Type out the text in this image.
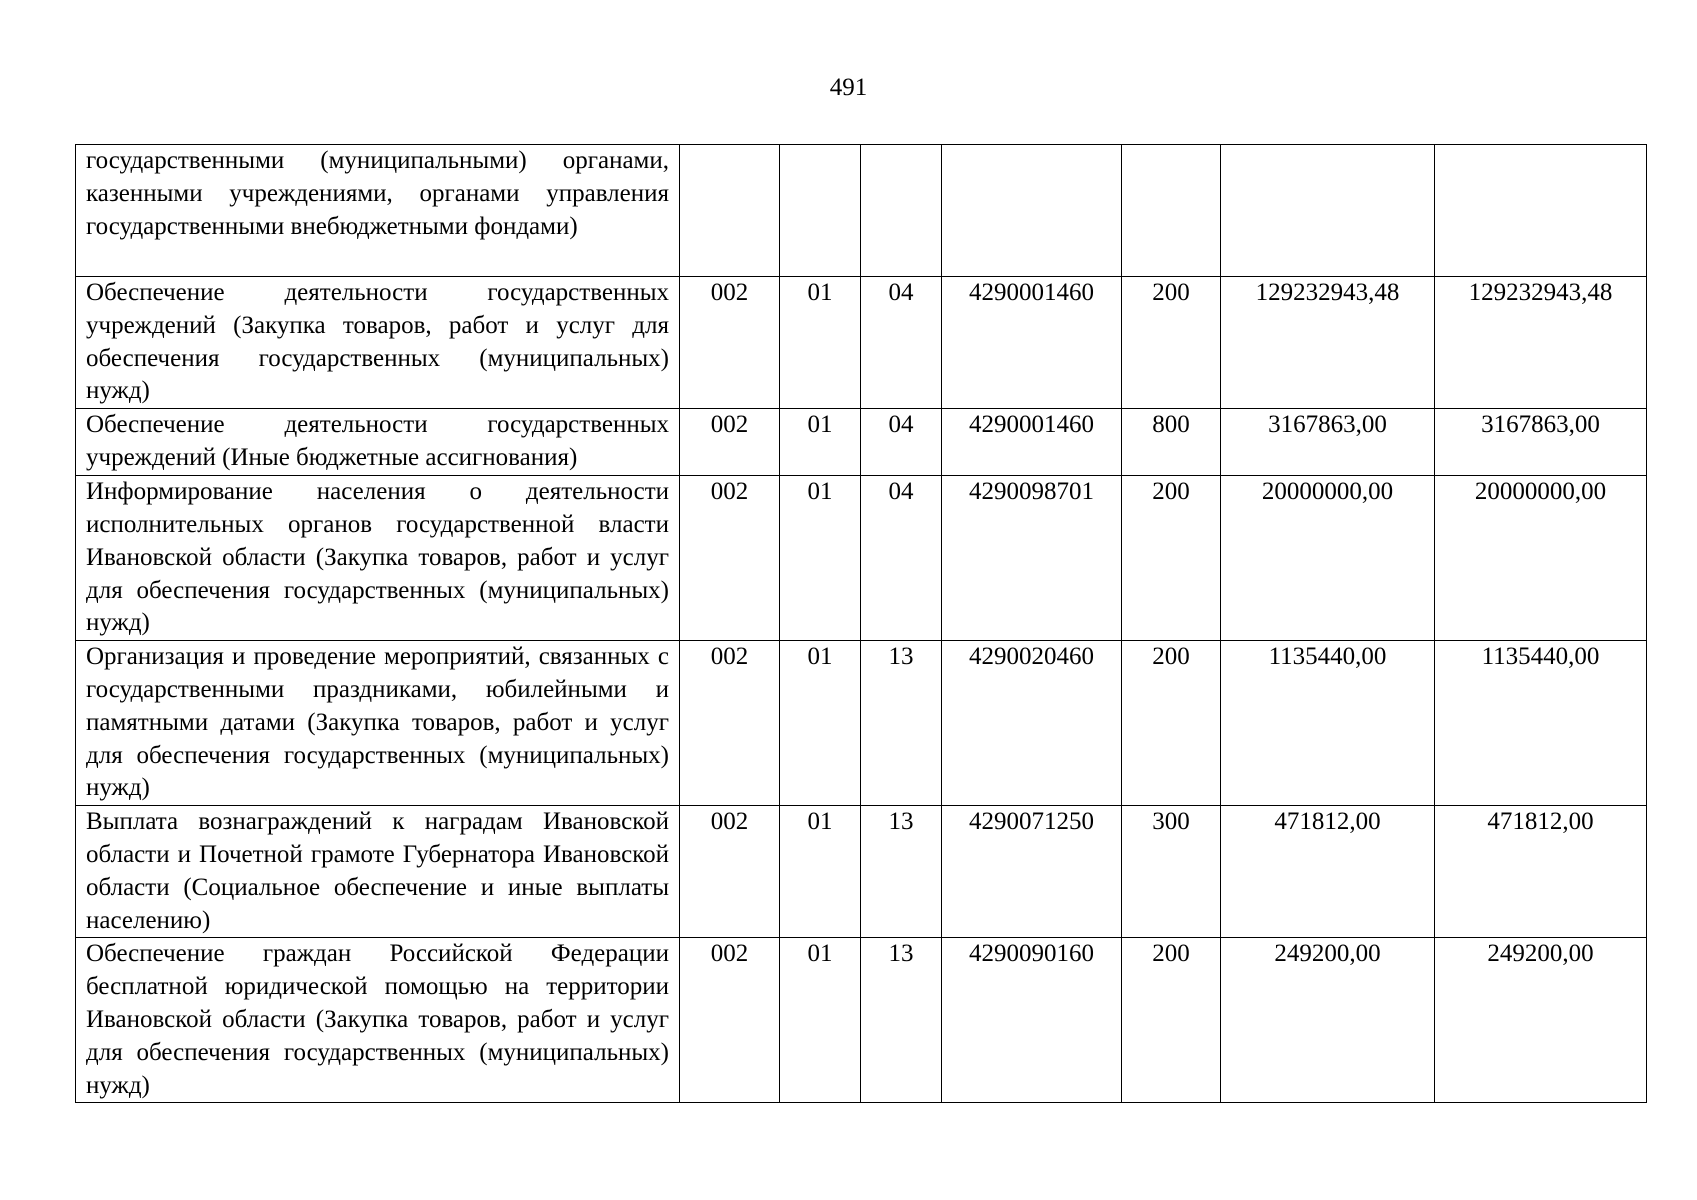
491
государственными (муниципальными) органами, казенными учреждениями, органами управления государственными внебюджетными фондами)							
Обеспечение деятельности государственных учреждений (Закупка товаров, работ и услуг для обеспечения государственных (муниципальных) нужд)	002	01	04	4290001460	200	129232943,48	129232943,48
Обеспечение деятельности государственных учреждений (Иные бюджетные ассигнования)	002	01	04	4290001460	800	3167863,00	3167863,00
Информирование населения о деятельности исполнительных органов государственной власти Ивановской области (Закупка товаров, работ и услуг для обеспечения государственных (муниципальных) нужд)	002	01	04	4290098701	200	20000000,00	20000000,00
Организация и проведение мероприятий, связанных с государственными праздниками, юбилейными и памятными датами (Закупка товаров, работ и услуг для обеспечения государственных (муниципальных) нужд)	002	01	13	4290020460	200	1135440,00	1135440,00
Выплата вознаграждений к наградам Ивановской области и Почетной грамоте Губернатора Ивановской области (Социальное обеспечение и иные выплаты населению)	002	01	13	4290071250	300	471812,00	471812,00
Обеспечение граждан Российской Федерации бесплатной юридической помощью на территории Ивановской области (Закупка товаров, работ и услуг для обеспечения государственных (муниципальных) нужд)	002	01	13	4290090160	200	249200,00	249200,00
